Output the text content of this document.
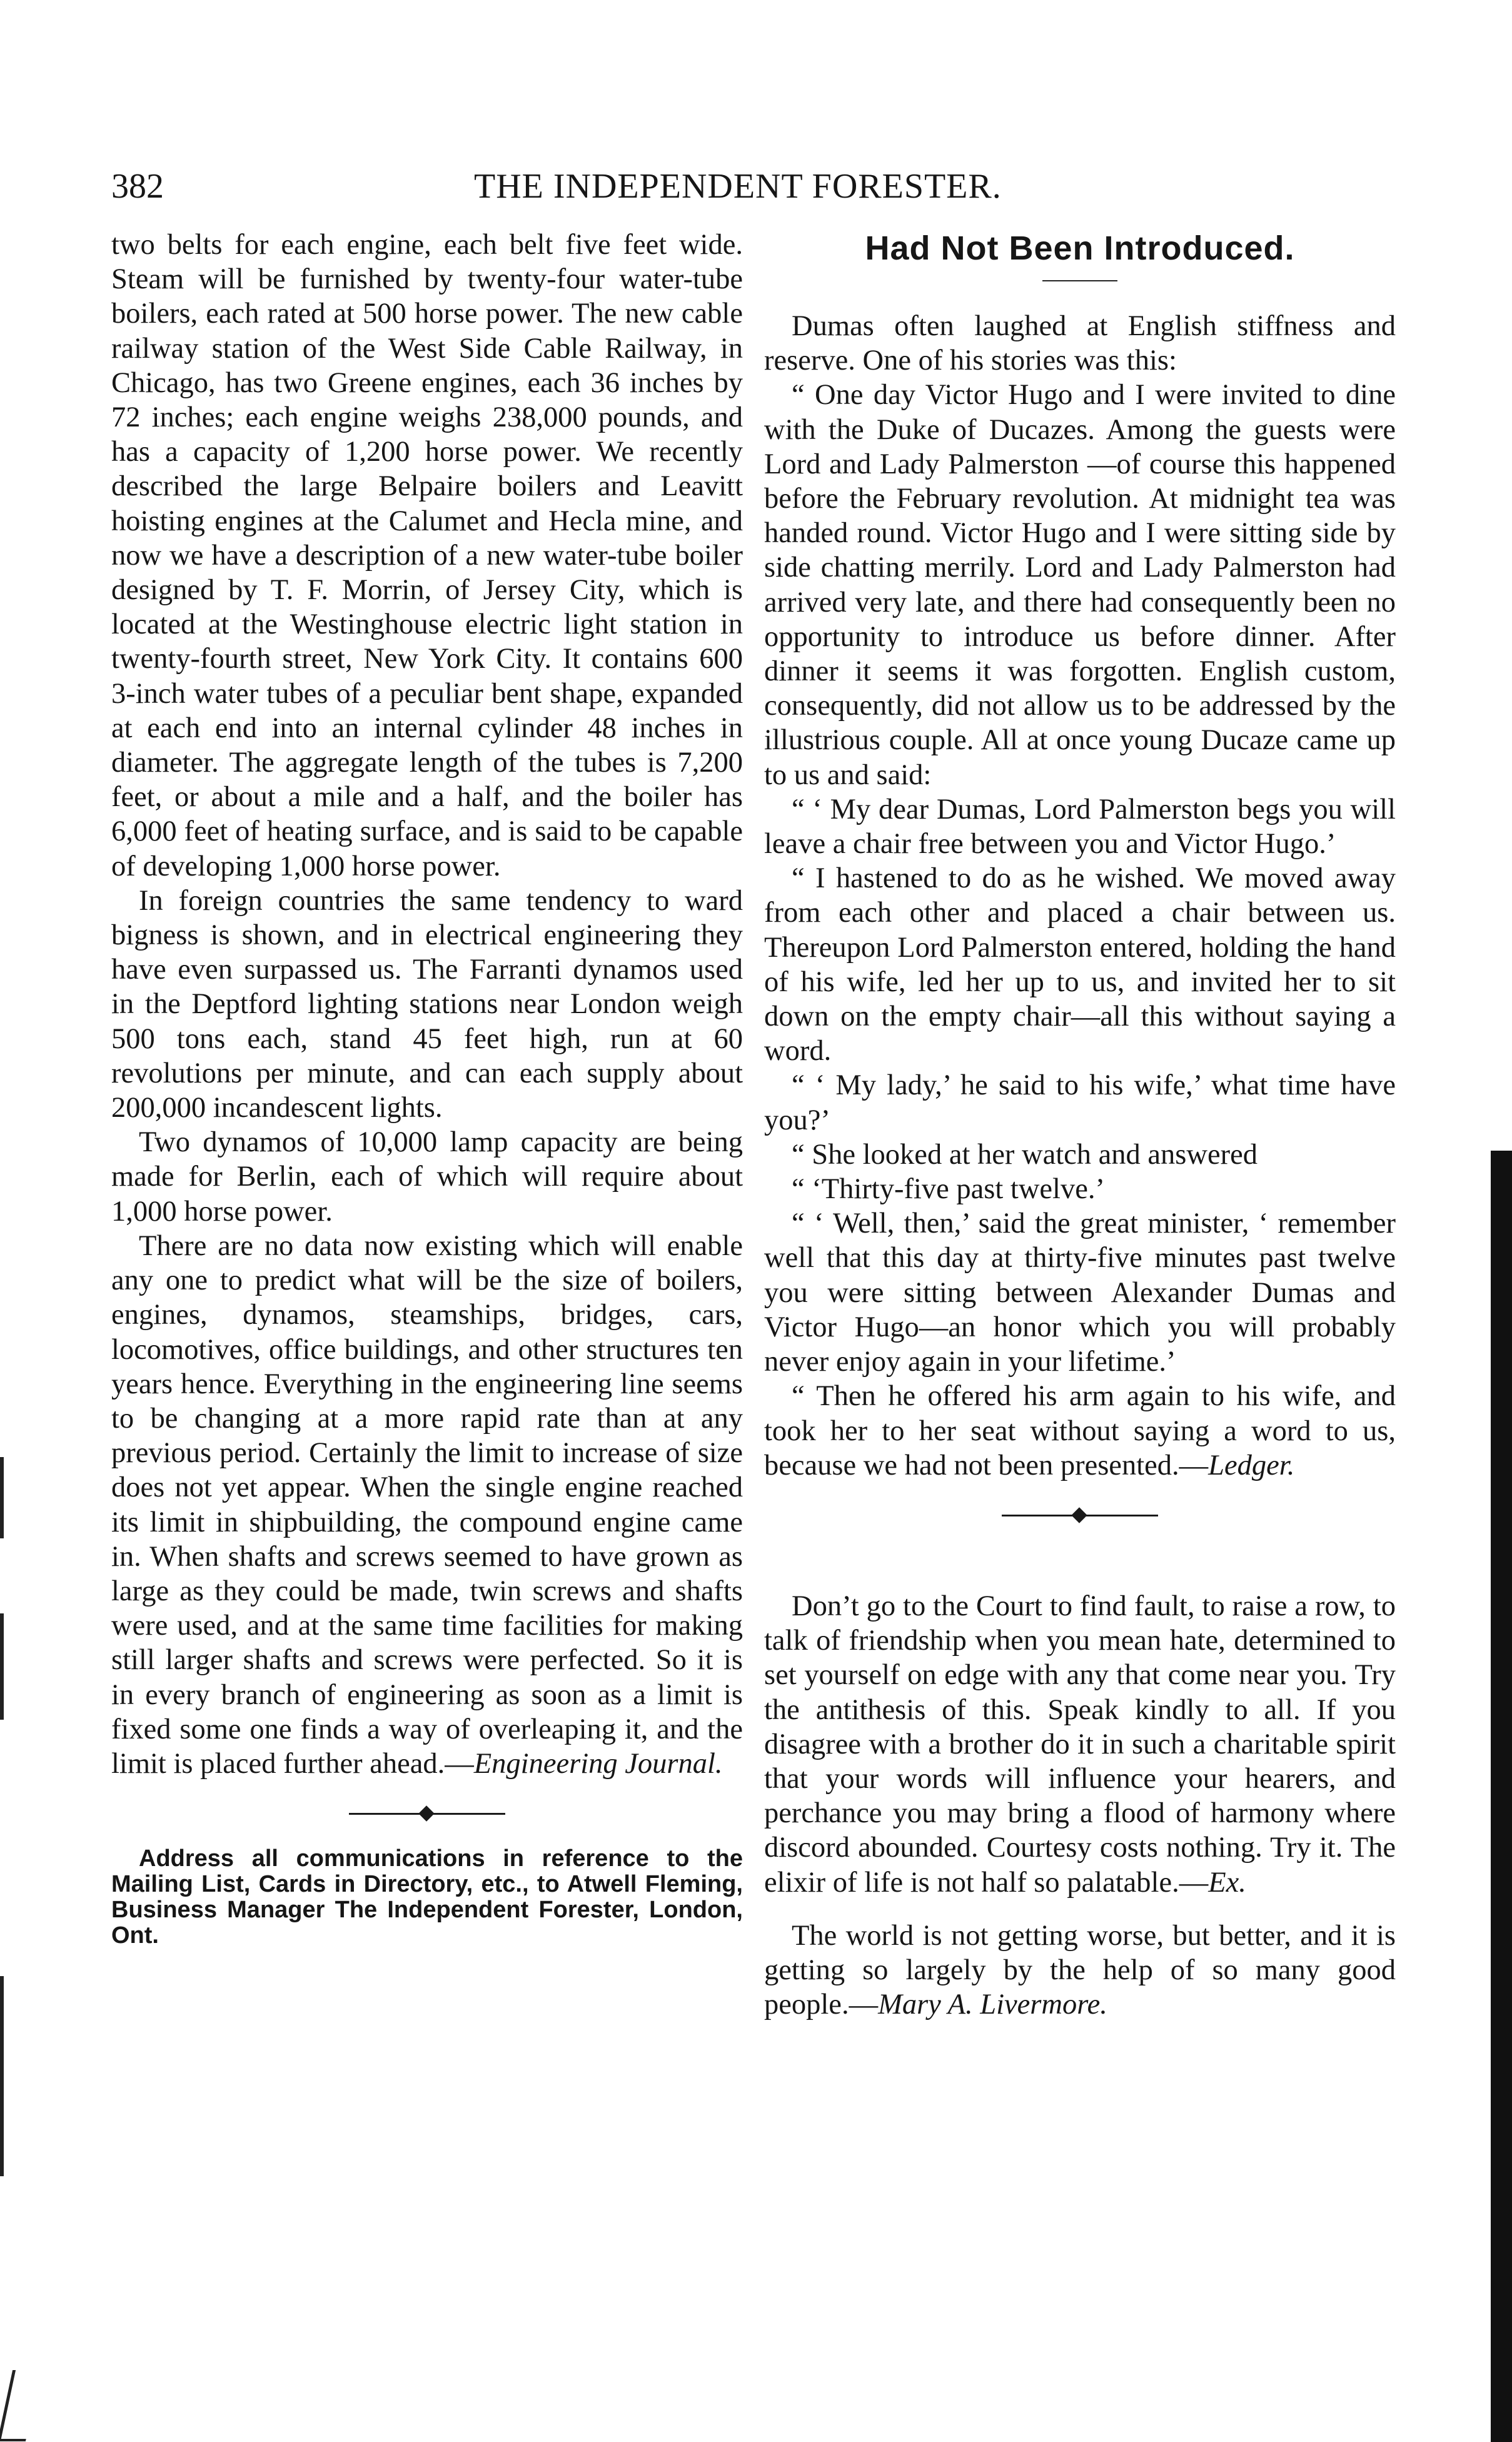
382	THE INDEPENDENT FORESTER.

two belts for each engine, each belt five feet wide. Steam will be furnished by twenty-four water-tube boilers, each rated at 500 horse power. The new cable railway station of the West Side Cable Railway, in Chicago, has two Greene engines, each 36 inches by 72 inches; each engine weighs 238,000 pounds, and has a capacity of 1,200 horse power. We recently described the large Belpaire boilers and Leavitt hoisting engines at the Calumet and Hecla mine, and now we have a description of a new water-tube boiler designed by T. F. Morrin, of Jersey City, which is located at the Westinghouse electric light station in twenty-fourth street, New York City. It contains 600 3-inch water tubes of a peculiar bent shape, expanded at each end into an internal cylinder 48 inches in diameter. The aggregate length of the tubes is 7,200 feet, or about a mile and a half, and the boiler has 6,000 feet of heating surface, and is said to be capable of developing 1,000 horse power.

In foreign countries the same tendency to ward bigness is shown, and in electrical engineering they have even surpassed us. The Farranti dynamos used in the Deptford lighting stations near London weigh 500 tons each, stand 45 feet high, run at 60 revolutions per minute, and can each supply about 200,000 incandescent lights.

Two dynamos of 10,000 lamp capacity are being made for Berlin, each of which will require about 1,000 horse power.

There are no data now existing which will enable any one to predict what will be the size of boilers, engines, dynamos, steamships, bridges, cars, locomotives, office buildings, and other structures ten years hence. Everything in the engineering line seems to be changing at a more rapid rate than at any previous period. Certainly the limit to increase of size does not yet appear. When the single engine reached its limit in shipbuilding, the compound engine came in. When shafts and screws seemed to have grown as large as they could be made, twin screws and shafts were used, and at the same time facilities for making still larger shafts and screws were perfected. So it is in every branch of engineering as soon as a limit is fixed some one finds a way of overleaping it, and the limit is placed further ahead.—Engineering Journal.

Address all communications in reference to the Mailing List, Cards in Directory, etc., to Atwell Fleming, Business Manager The Independent Forester, London, Ont.

Had Not Been Introduced.

Dumas often laughed at English stiffness and reserve. One of his stories was this:

“ One day Victor Hugo and I were invited to dine with the Duke of Ducazes. Among the guests were Lord and Lady Palmerston —of course this happened before the February revolution. At midnight tea was handed round. Victor Hugo and I were sitting side by side chatting merrily. Lord and Lady Palmerston had arrived very late, and there had consequently been no opportunity to introduce us before dinner. After dinner it seems it was forgotten. English custom, consequently, did not allow us to be addressed by the illustrious couple. All at once young Ducaze came up to us and said:

“ ‘ My dear Dumas, Lord Palmerston begs you will leave a chair free between you and Victor Hugo.’

“ I hastened to do as he wished. We moved away from each other and placed a chair between us. Thereupon Lord Palmerston entered, holding the hand of his wife, led her up to us, and invited her to sit down on the empty chair—all this without saying a word.

“ ‘ My lady,’ he said to his wife,’ what time have you?’

“ She looked at her watch and answered

“ ‘Thirty-five past twelve.’

“ ‘ Well, then,’ said the great minister, ‘ remember well that this day at thirty-five minutes past twelve you were sitting between Alexander Dumas and Victor Hugo—an honor which you will probably never enjoy again in your lifetime.’

“ Then he offered his arm again to his wife, and took her to her seat without saying a word to us, because we had not been presented.—Ledger.

Don’t go to the Court to find fault, to raise a row, to talk of friendship when you mean hate, determined to set yourself on edge with any that come near you. Try the antithesis of this. Speak kindly to all. If you disagree with a brother do it in such a charitable spirit that your words will influence your hearers, and perchance you may bring a flood of harmony where discord abounded. Courtesy costs nothing. Try it. The elixir of life is not half so palatable.—Ex.

The world is not getting worse, but better, and it is getting so largely by the help of so many good people.—Mary A. Livermore.
